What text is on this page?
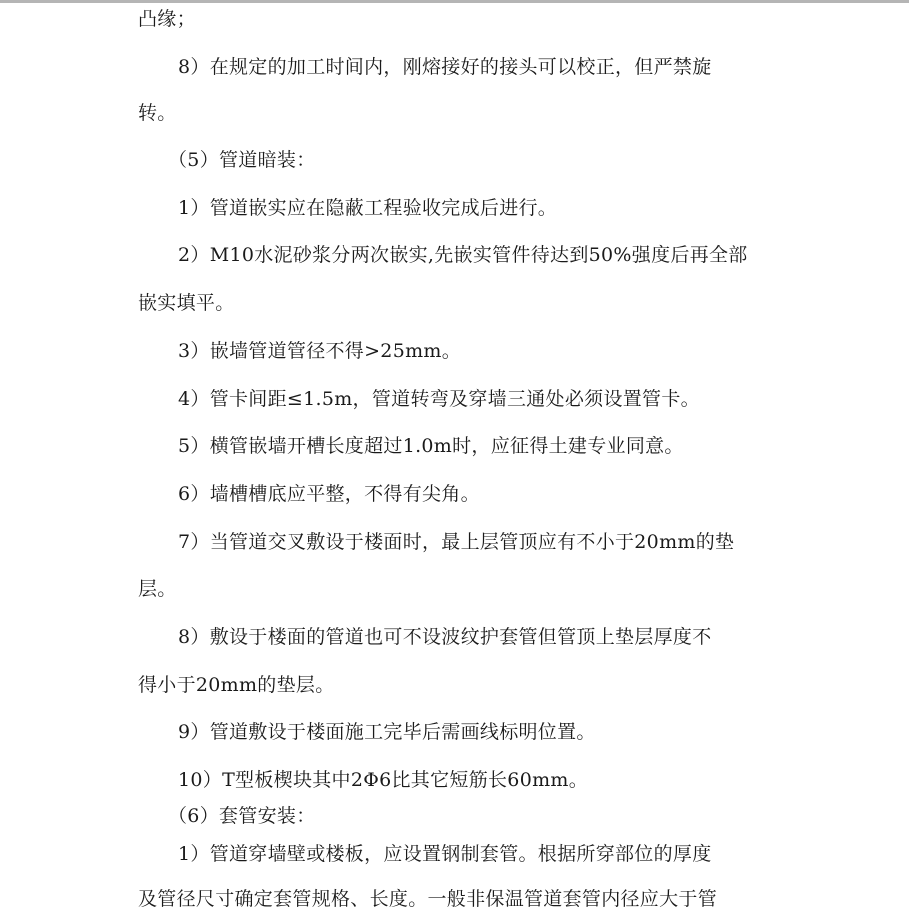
凸缘；
8）在规定的加工时间内，刚熔接好的接头可以校正，但严禁旋
转。
（5）管道暗装：
1）管道嵌实应在隐蔽工程验收完成后进行。
2）M10水泥砂浆分两次嵌实,先嵌实管件待达到50%强度后再全部
嵌实填平。
3）嵌墙管道管径不得>25mm。
4）管卡间距≤1.5m，管道转弯及穿墙三通处必须设置管卡。
5）横管嵌墙开槽长度超过1.0m时，应征得土建专业同意。
6）墙槽槽底应平整，不得有尖角。
7）当管道交叉敷设于楼面时，最上层管顶应有不小于20mm的垫
层。
8）敷设于楼面的管道也可不设波纹护套管但管顶上垫层厚度不
得小于20mm的垫层。
9）管道敷设于楼面施工完毕后需画线标明位置。
10）T型板楔块其中2Φ6比其它短筋长60mm。
（6）套管安装：
1）管道穿墙壁或楼板，应设置钢制套管。根据所穿部位的厚度
及管径尺寸确定套管规格、长度。一般非保温管道套管内径应大于管
